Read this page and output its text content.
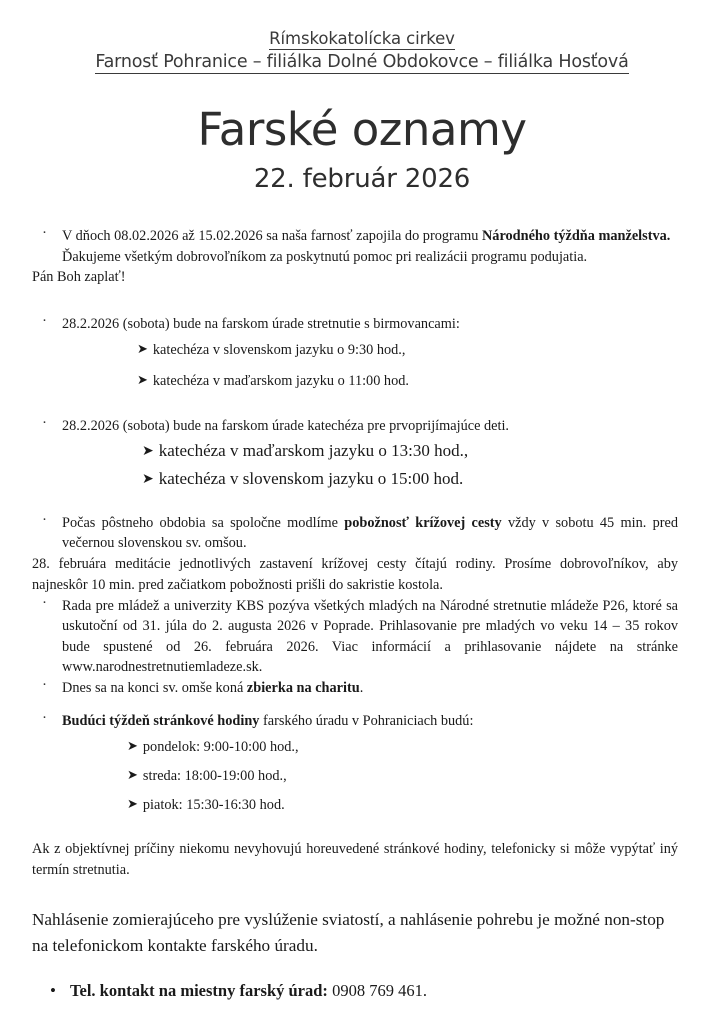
Rímskokatolícka cirkev
Farnosť Pohranice – filiálka Dolné Obdokovce – filiálka Hosťová
Farské oznamy
22. február 2026
· V dňoch 08.02.2026 až 15.02.2026 sa naša farnosť zapojila do programu Národného týždňa manželstva.
Ďakujeme všetkým dobrovoľníkom za poskytnutú pomoc pri realizácii programu podujatia.
Pán Boh zaplať!
· 28.2.2026 (sobota) bude na farskom úrade stretnutie s birmovancami:
➤ katechéza v slovenskom jazyku o 9:30 hod.,
➤ katechéza v maďarskom jazyku o 11:00 hod.
· 28.2.2026 (sobota) bude na farskom úrade katechéza pre prvoprijímajúce deti.
➤ katechéza v maďarskom jazyku o 13:30 hod.,
➤ katechéza v slovenskom jazyku o 15:00 hod.
· Počas pôstneho obdobia sa spoločne modlíme pobožnosť krížovej cesty vždy v sobotu 45 min. pred večernou slovenskou sv. omšou.
28. februára meditácie jednotlivých zastavení krížovej cesty čítajú rodiny. Prosíme dobrovoľníkov, aby najneskôr 10 min. pred začiatkom pobožnosti prišli do sakristie kostola.
· Rada pre mládež a univerzity KBS pozýva všetkých mladých na Národné stretnutie mládeže P26, ktoré sa uskutoční od 31. júla do 2. augusta 2026 v Poprade. Prihlasovanie pre mladých vo veku 14 – 35 rokov bude spustené od 26. februára 2026. Viac informácií a prihlasovanie nájdete na stránke www.narodnestretnutiemladeze.sk.
· Dnes sa na konci sv. omše koná zbierka na charitu.
· Budúci týždeň stránkové hodiny farského úradu v Pohraniciach budú:
➤ pondelok: 9:00-10:00 hod.,
➤ streda: 18:00-19:00 hod.,
➤ piatok: 15:30-16:30 hod.
Ak z objektívnej príčiny niekomu nevyhovujú horeuvedené stránkové hodiny, telefonicky si môže vypýtať iný termín stretnutia.
Nahlásenie zomierajúceho pre vyslúženie sviatostí, a nahlásenie pohrebu je možné non-stop na telefonickom kontakte farského úradu.
• Tel. kontakt na miestny farský úrad: 0908 769 461.
